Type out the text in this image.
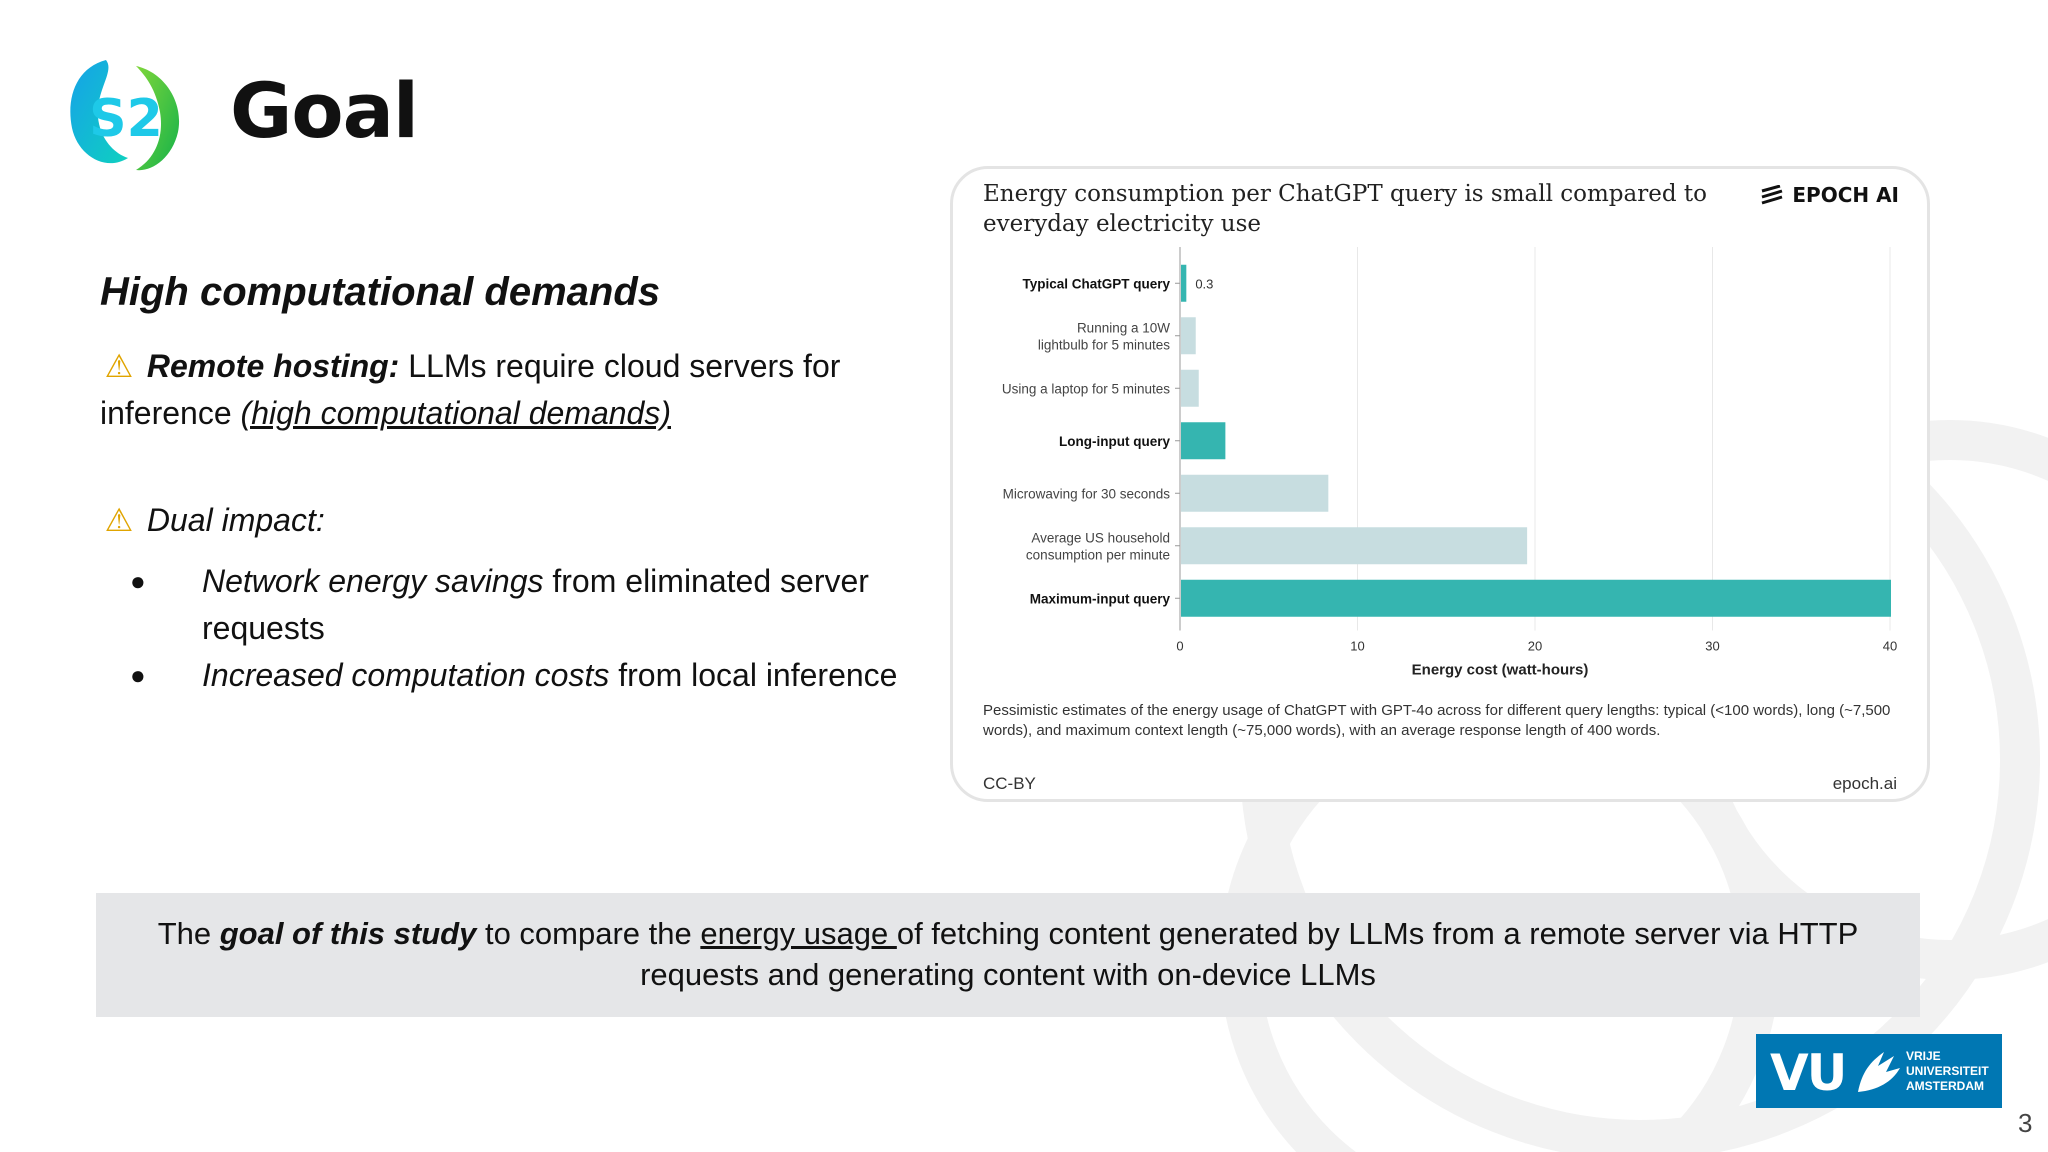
S2 Goal
High computational demands

⚠ Remote hosting: LLMs require cloud servers for inference (high computational demands)

⚠ Dual impact:

● Network energy savings from eliminated server requests
● Increased computation costs from local inference
Energy consumption per ChatGPT query is small compared to everyday electricity use
EPOCH AI
0	10	20	30	40
Energy cost (watt-hours)
Typical ChatGPT query 0.3
Running a 10W
lightbulb for 5 minutes
Using a laptop for 5 minutes
Long-input query
Microwaving for 30 seconds
Average US household
consumption per minute
Maximum-input query
Pessimistic estimates of the energy usage of ChatGPT with GPT-4o across for different query lengths: typical (<100 words), long (~7,500 words), and maximum context length (~75,000 words), with an average response length of 400 words.
CC-BY	epoch.ai
The goal of this study to compare the energy usage of fetching content generated by LLMs from a remote server via HTTP requests and generating content with on-device LLMs
VU	VRIJE
UNIVERSITEIT
AMSTERDAM
3
